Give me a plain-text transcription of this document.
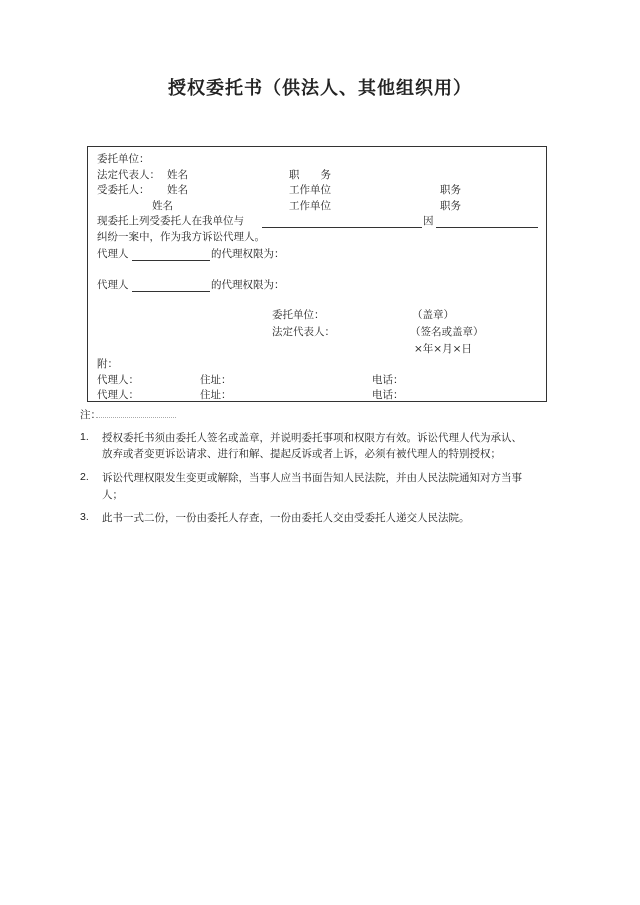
授权委托书（供法人、其他组织用）
委托单位：
法定代表人： 姓名	职　　务
受委托人： 姓名	工作单位	职务
姓名	工作单位	职务
现委托上列受委托人在我单位与	因
纠纷一案中，作为我方诉讼代理人。
代理人	的代理权限为：
代理人	的代理权限为：
委托单位：	（盖章）
法定代表人：	（签名或盖章）
×年×月×日
附：
代理人：	住址：	电话：
代理人：	住址：	电话：
注：
1. 授权委托书须由委托人签名或盖章，并说明委托事项和权限方有效。诉讼代理人代为承认、
放弃或者变更诉讼请求、进行和解、提起反诉或者上诉，必须有被代理人的特别授权；
2. 诉讼代理权限发生变更或解除，当事人应当书面告知人民法院，并由人民法院通知对方当事
人；
3. 此书一式二份，一份由委托人存查，一份由委托人交由受委托人递交人民法院。
